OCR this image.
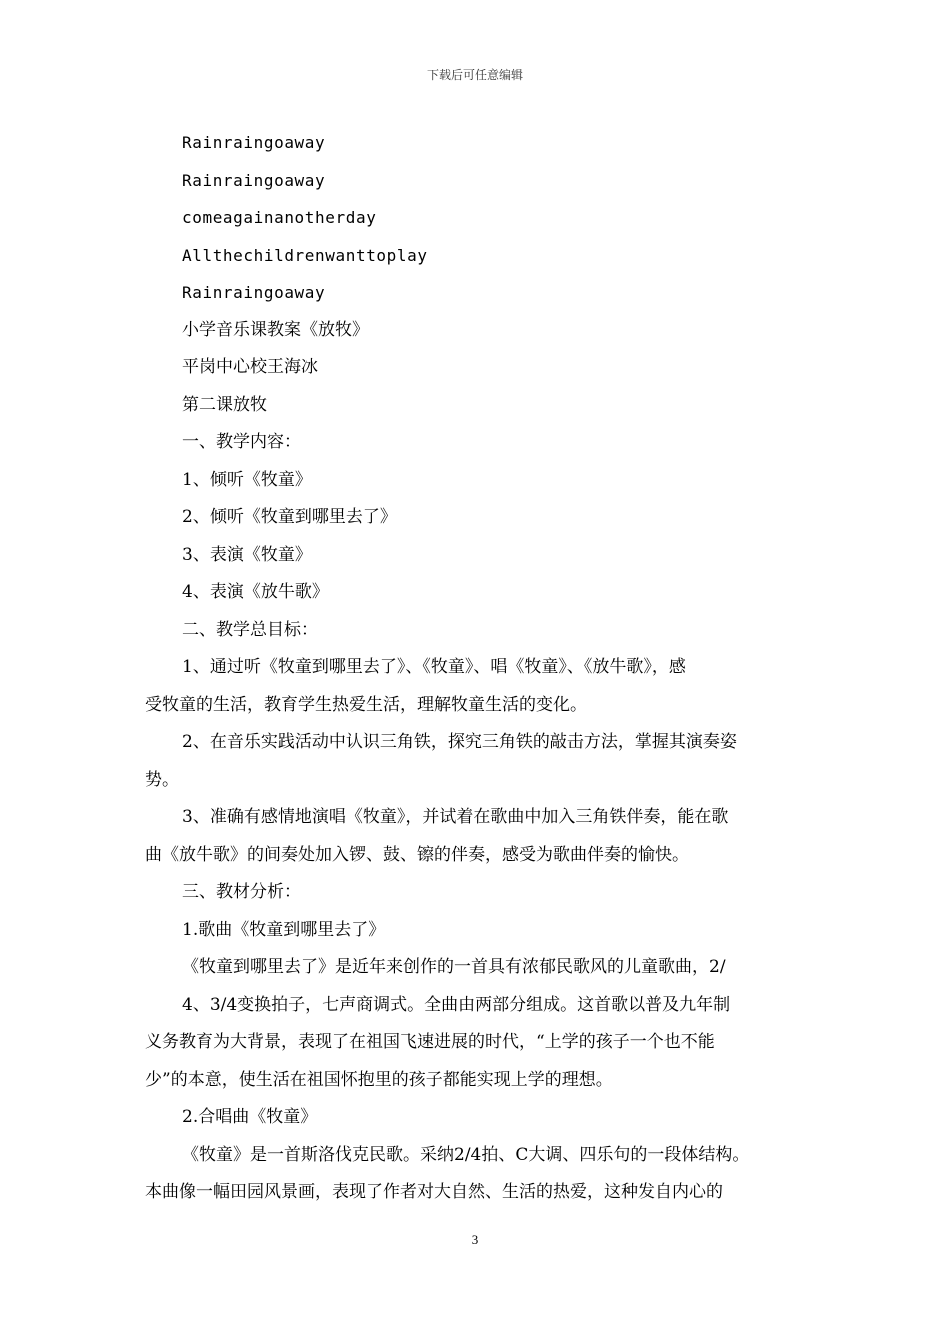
下载后可任意编辑

Rainraingoaway

Rainraingoaway

comeagainanotherday

Allthechildrenwanttoplay

Rainraingoaway

小学音乐课教案《放牧》

平岗中心校王海冰

第二课放牧

一、教学内容：

1、倾听《牧童》

2、倾听《牧童到哪里去了》

3、表演《牧童》

4、表演《放牛歌》

二、教学总目标：

1、通过听《牧童到哪里去了》、《牧童》、唱《牧童》、《放牛歌》，感

受牧童的生活，教育学生热爱生活，理解牧童生活的变化。

2、在音乐实践活动中认识三角铁，探究三角铁的敲击方法，掌握其演奏姿

势。

3、准确有感情地演唱《牧童》，并试着在歌曲中加入三角铁伴奏，能在歌

曲《放牛歌》的间奏处加入锣、鼓、镲的伴奏，感受为歌曲伴奏的愉快。

三、教材分析：

1.歌曲《牧童到哪里去了》

《牧童到哪里去了》是近年来创作的一首具有浓郁民歌风的儿童歌曲，2/

4、3/4变换拍子，七声商调式。全曲由两部分组成。这首歌以普及九年制

义务教育为大背景，表现了在祖国飞速进展的时代，“上学的孩子一个也不能

少”的本意，使生活在祖国怀抱里的孩子都能实现上学的理想。

2.合唱曲《牧童》

《牧童》是一首斯洛伐克民歌。采纳2/4拍、C大调、四乐句的一段体结构。

本曲像一幅田园风景画，表现了作者对大自然、生活的热爱，这种发自内心的

3
